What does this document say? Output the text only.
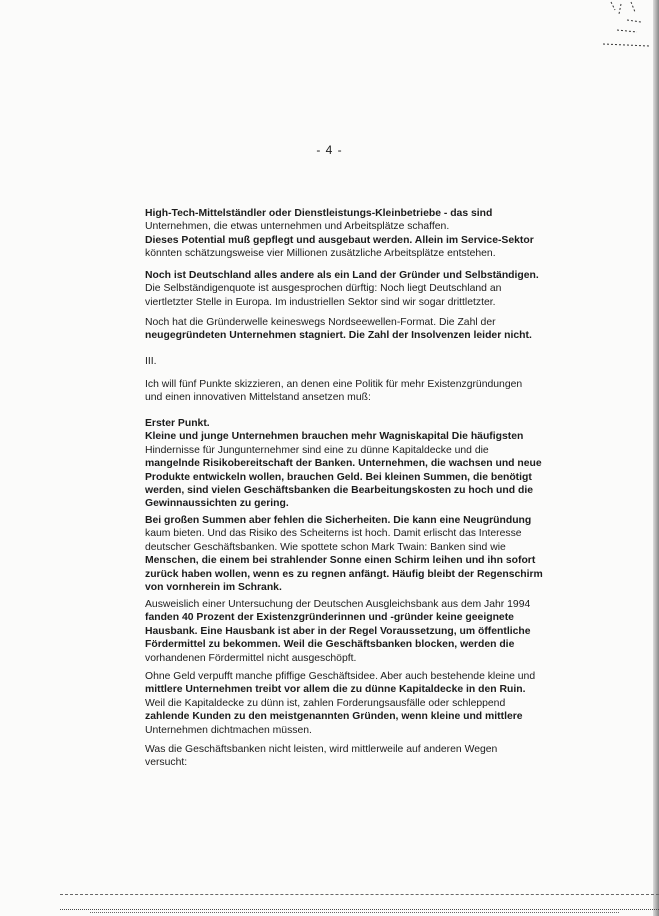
- 4 -
High-Tech-Mittelständler oder Dienstleistungs-Kleinbetriebe - das sind
Unternehmen, die etwas unternehmen und Arbeitsplätze schaffen.
Dieses Potential muß gepflegt und ausgebaut werden. Allein im Service-Sektor
könnten schätzungsweise vier Millionen zusätzliche Arbeitsplätze entstehen.
Noch ist Deutschland alles andere als ein Land der Gründer und Selbständigen.
Die Selbständigenquote ist ausgesprochen dürftig: Noch liegt Deutschland an
viertletzter Stelle in Europa. Im industriellen Sektor sind wir sogar drittletzter.
Noch hat die Gründerwelle keineswegs Nordseewellen-Format. Die Zahl der
neugegründeten Unternehmen stagniert. Die Zahl der Insolvenzen leider nicht.
III.
Ich will fünf Punkte skizzieren, an denen eine Politik für mehr Existenzgründungen
und einen innovativen Mittelstand ansetzen muß:
Erster Punkt.
Kleine und junge Unternehmen brauchen mehr Wagniskapital Die häufigsten
Hindernisse für Jungunternehmer sind eine zu dünne Kapitaldecke und die
mangelnde Risikobereitschaft der Banken. Unternehmen, die wachsen und neue
Produkte entwickeln wollen, brauchen Geld. Bei kleinen Summen, die benötigt
werden, sind vielen Geschäftsbanken die Bearbeitungskosten zu hoch und die
Gewinnaussichten zu gering.
Bei großen Summen aber fehlen die Sicherheiten. Die kann eine Neugründung
kaum bieten. Und das Risiko des Scheiterns ist hoch. Damit erlischt das Interesse
deutscher Geschäftsbanken. Wie spottete schon Mark Twain: Banken sind wie
Menschen, die einem bei strahlender Sonne einen Schirm leihen und ihn sofort
zurück haben wollen, wenn es zu regnen anfängt. Häufig bleibt der Regenschirm
von vornherein im Schrank.
Ausweislich einer Untersuchung der Deutschen Ausgleichsbank aus dem Jahr 1994
fanden 40 Prozent der Existenzgründerinnen und -gründer keine geeignete
Hausbank. Eine Hausbank ist aber in der Regel Voraussetzung, um öffentliche
Fördermittel zu bekommen. Weil die Geschäftsbanken blocken, werden die
vorhandenen Fördermittel nicht ausgeschöpft.
Ohne Geld verpufft manche pfiffige Geschäftsidee. Aber auch bestehende kleine und
mittlere Unternehmen treibt vor allem die zu dünne Kapitaldecke in den Ruin.
Weil die Kapitaldecke zu dünn ist, zahlen Forderungsausfälle oder schleppend
zahlende Kunden zu den meistgenannten Gründen, wenn kleine und mittlere
Unternehmen dichtmachen müssen.
Was die Geschäftsbanken nicht leisten, wird mittlerweile auf anderen Wegen
versucht:
